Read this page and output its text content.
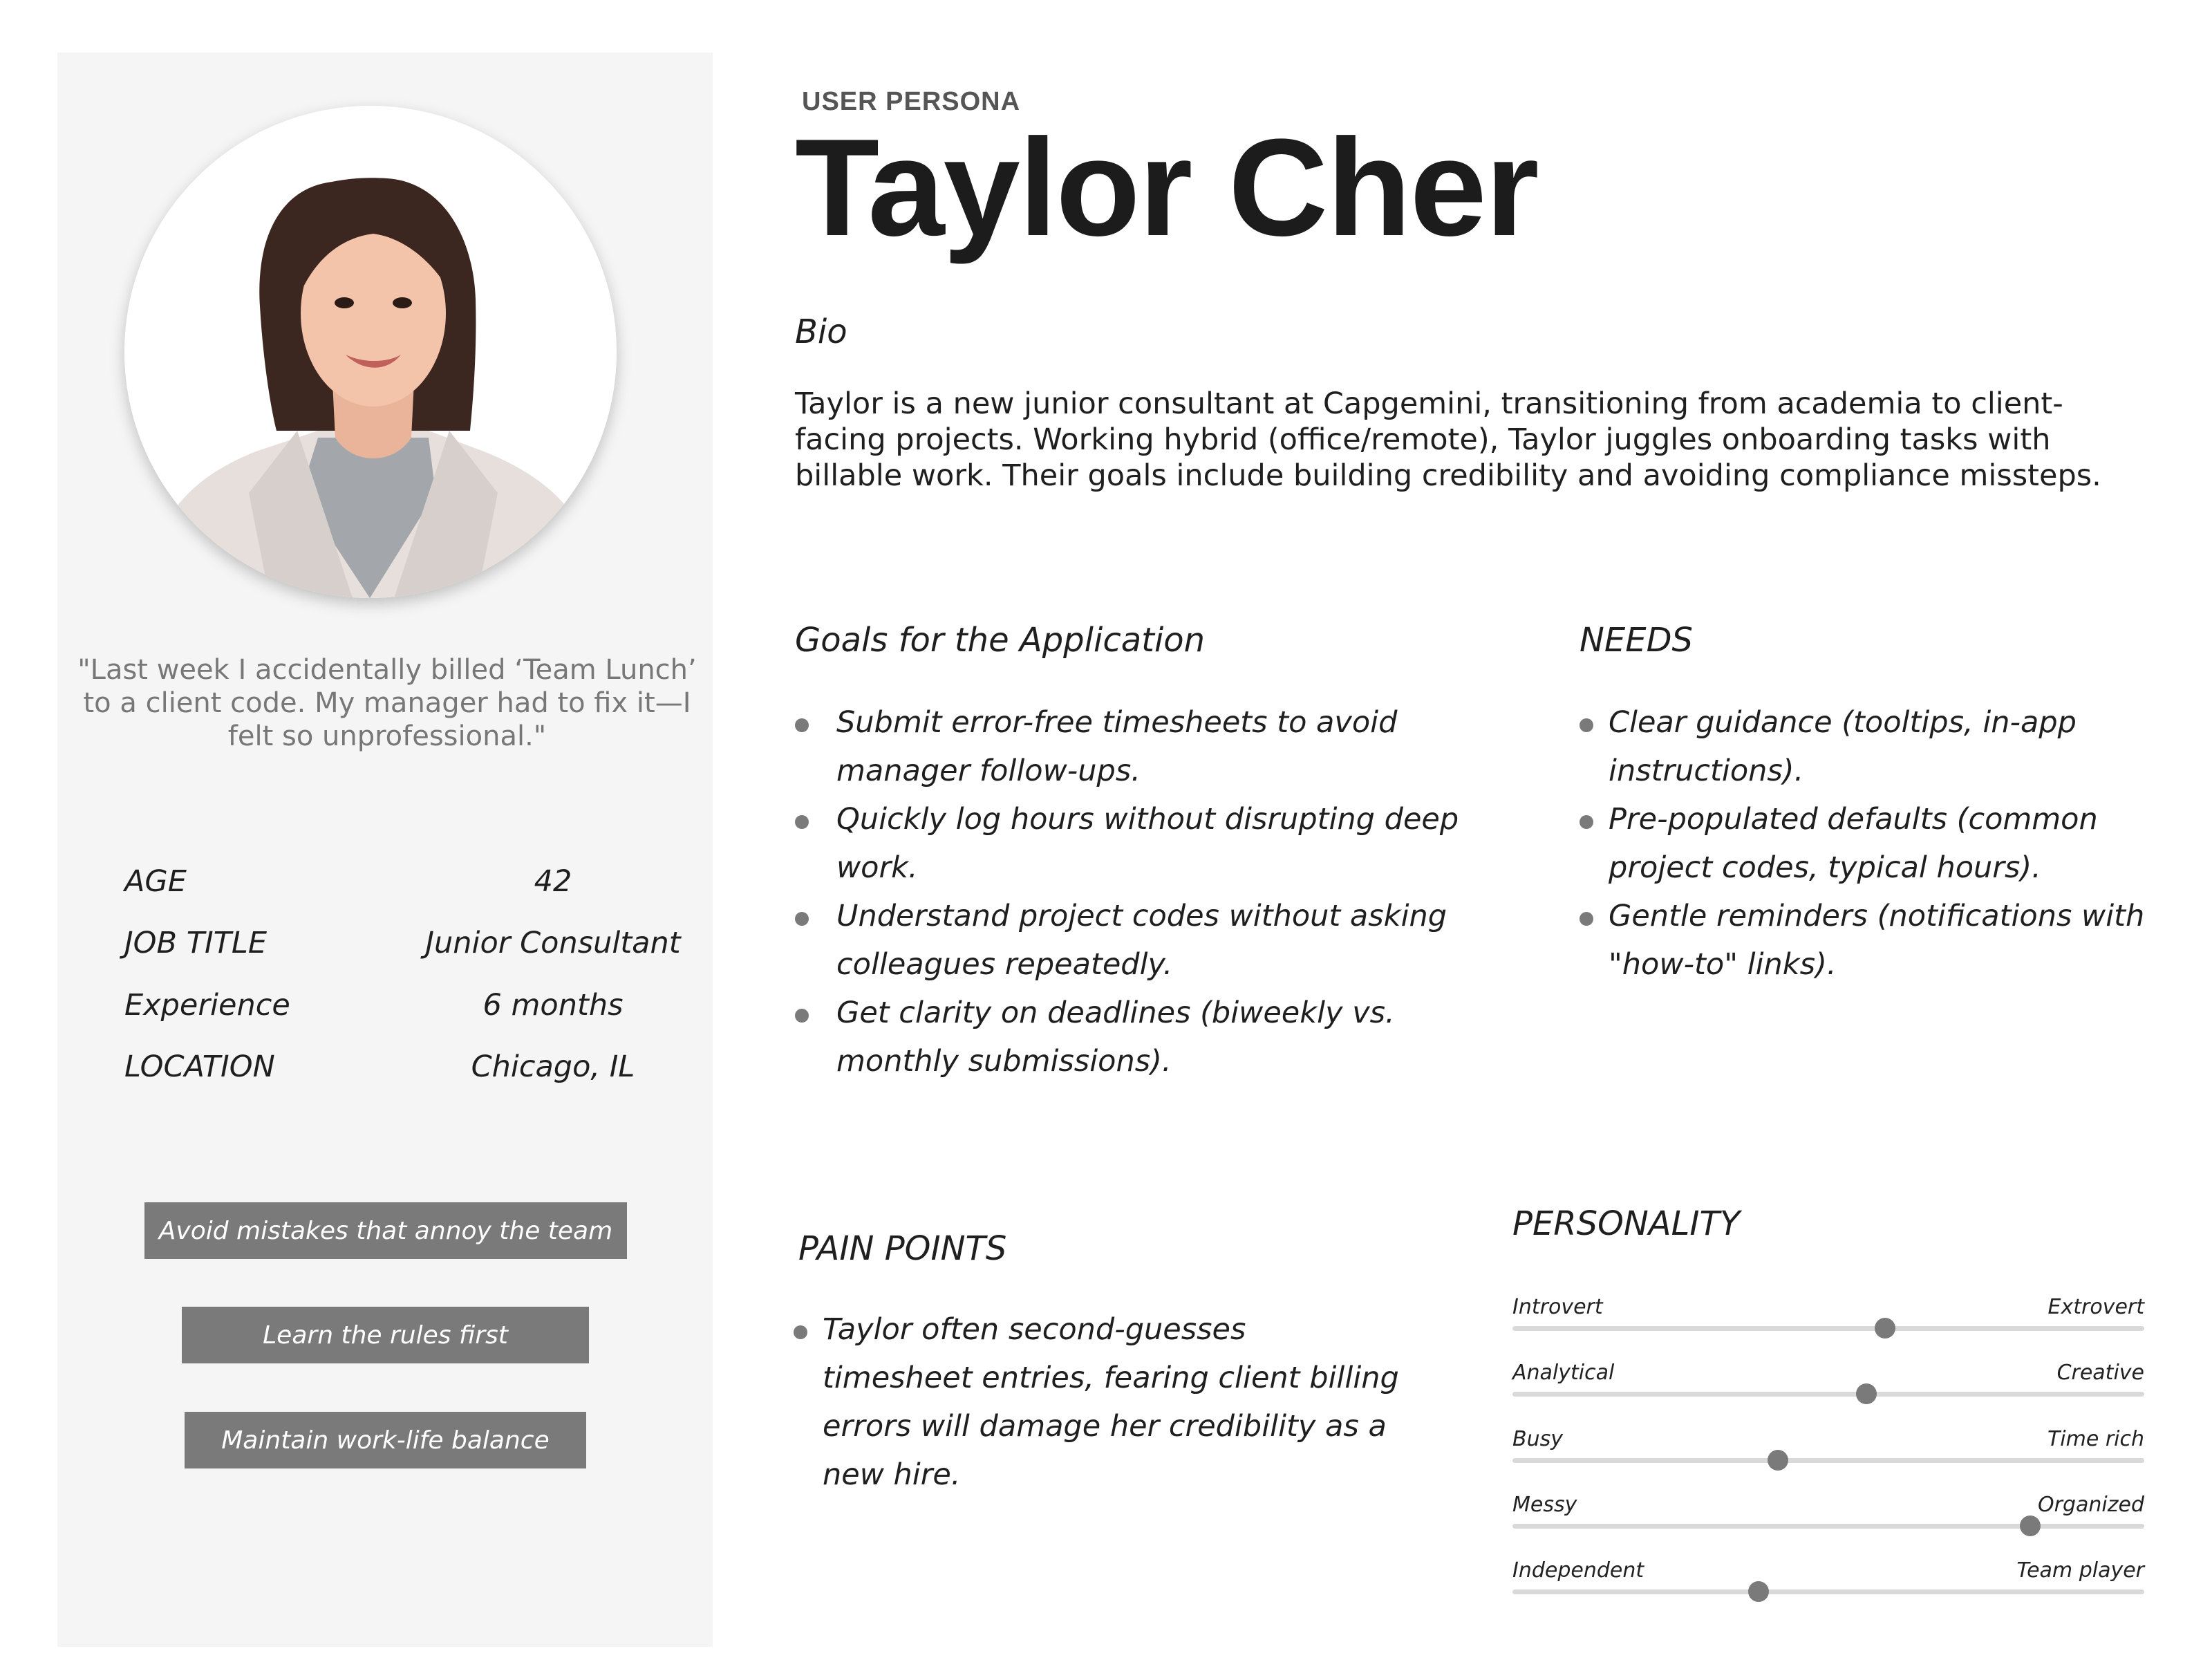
"Last week I accidentally billed ‘Team Lunch’ to a client code. My manager had to fix it—I felt so unprofessional."
AGE	42
JOB TITLE	Junior Consultant
Experience	6 months
LOCATION	Chicago, IL
Avoid mistakes that annoy the team
Learn the rules first
Maintain work-life balance
USER PERSONA
Taylor Cher
Bio
Taylor is a new junior consultant at Capgemini, transitioning from academia to client-facing projects. Working hybrid (office/remote), Taylor juggles onboarding tasks with billable work. Their goals include building credibility and avoiding compliance missteps.
Goals for the Application
Submit error-free timesheets to avoid manager follow-ups.
Quickly log hours without disrupting deep work.
Understand project codes without asking colleagues repeatedly.
Get clarity on deadlines (biweekly vs. monthly submissions).
NEEDS
Clear guidance (tooltips, in-app instructions).
Pre-populated defaults (common project codes, typical hours).
Gentle reminders (notifications with "how-to" links).
PAIN POINTS
Taylor often second-guesses timesheet entries, fearing client billing errors will damage her credibility as a new hire.
PERSONALITY
Introvert	Extrovert
Analytical	Creative
Busy	Time rich
Messy	Organized
Independent	Team player
